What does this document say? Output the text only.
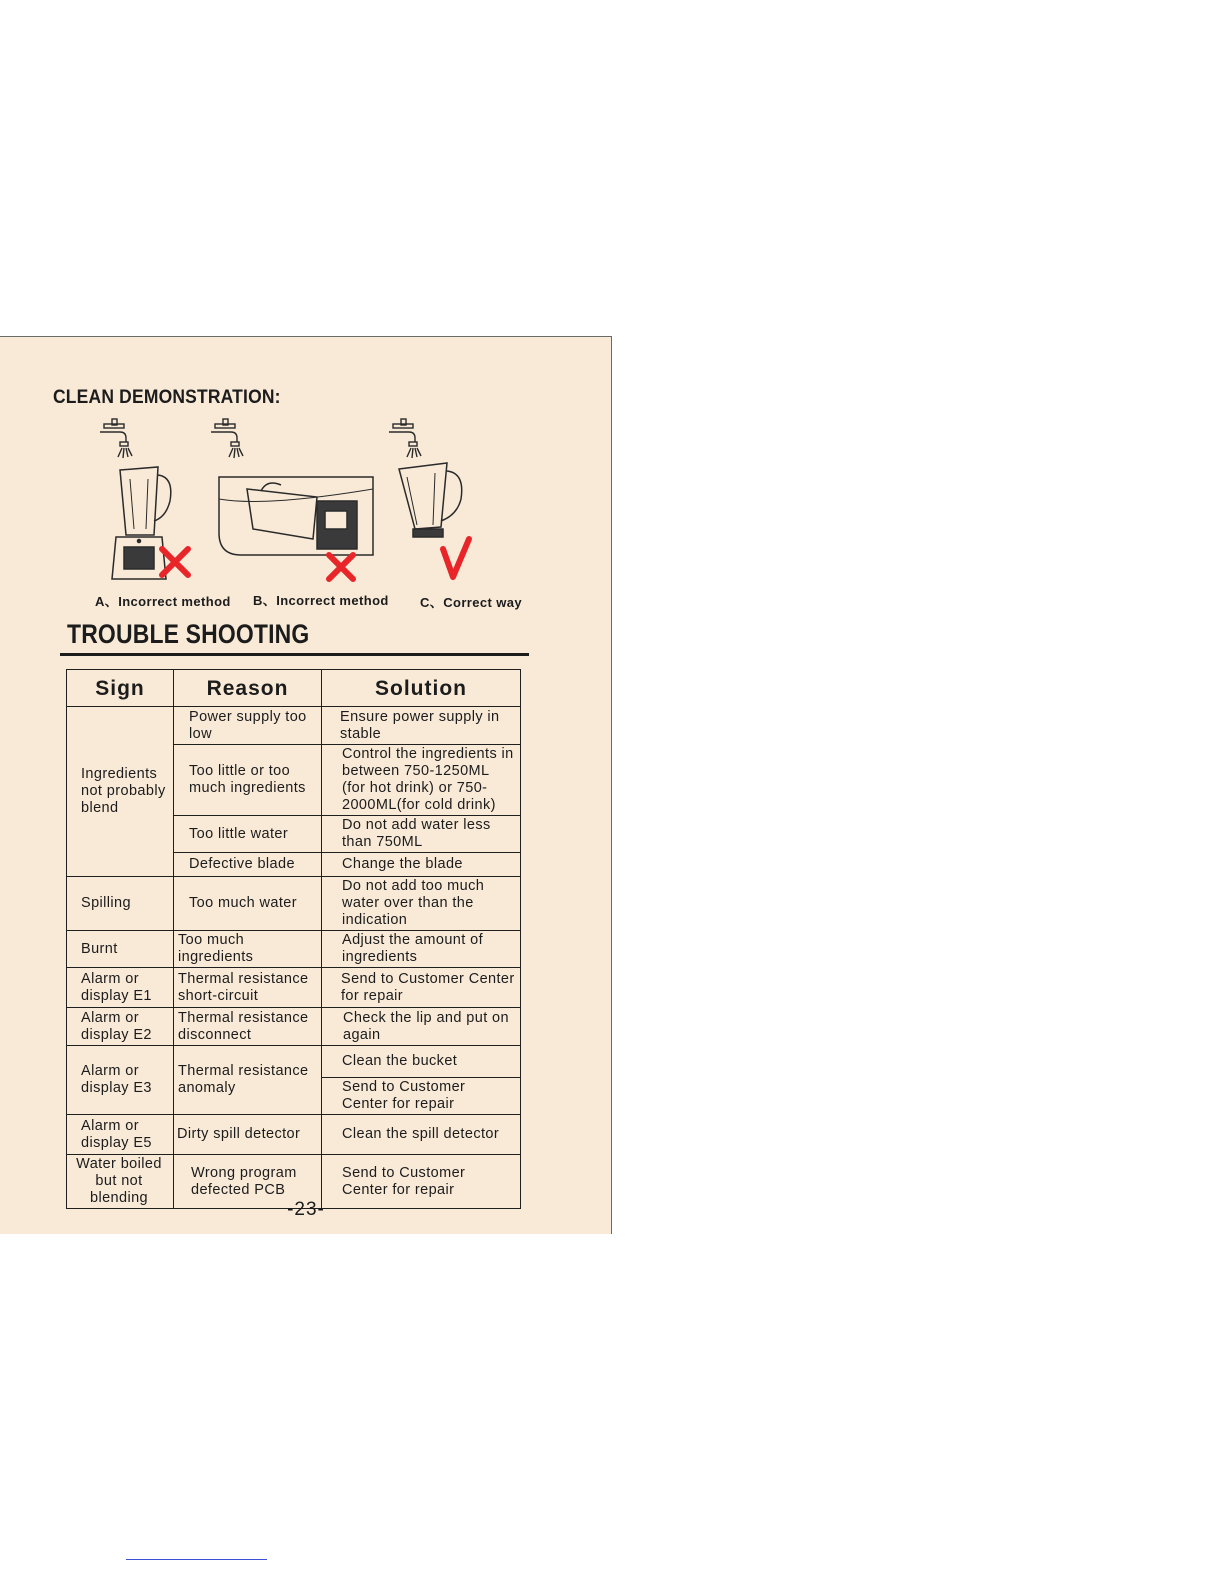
CLEAN DEMONSTRATION:
A、Incorrect method B、Incorrect method C、Correct way
TROUBLE SHOOTING
Sign	Reason	Solution
Ingredients not probably blend	Power supply too low	Ensure power supply in stable
	Too little or too much ingredients	Control the ingredients in between 750-1250ML (for hot drink) or 750-2000ML(for cold drink)
	Too little water	Do not add water less than 750ML
	Defective blade	Change the blade
Spilling	Too much water	Do not add too much water over than the indication
Burnt	Too much ingredients	Adjust the amount of ingredients
Alarm or display E1	Thermal resistance short-circuit	Send to Customer Center for repair
Alarm or display E2	Thermal resistance disconnect	Check the lip and put on again
Alarm or display E3	Thermal resistance anomaly	Clean the bucket
		Send to Customer Center for repair
Alarm or display E5	Dirty spill detector	Clean the spill detector
Water boiled but not blending	Wrong program defected PCB	Send to Customer Center for repair
-23-
